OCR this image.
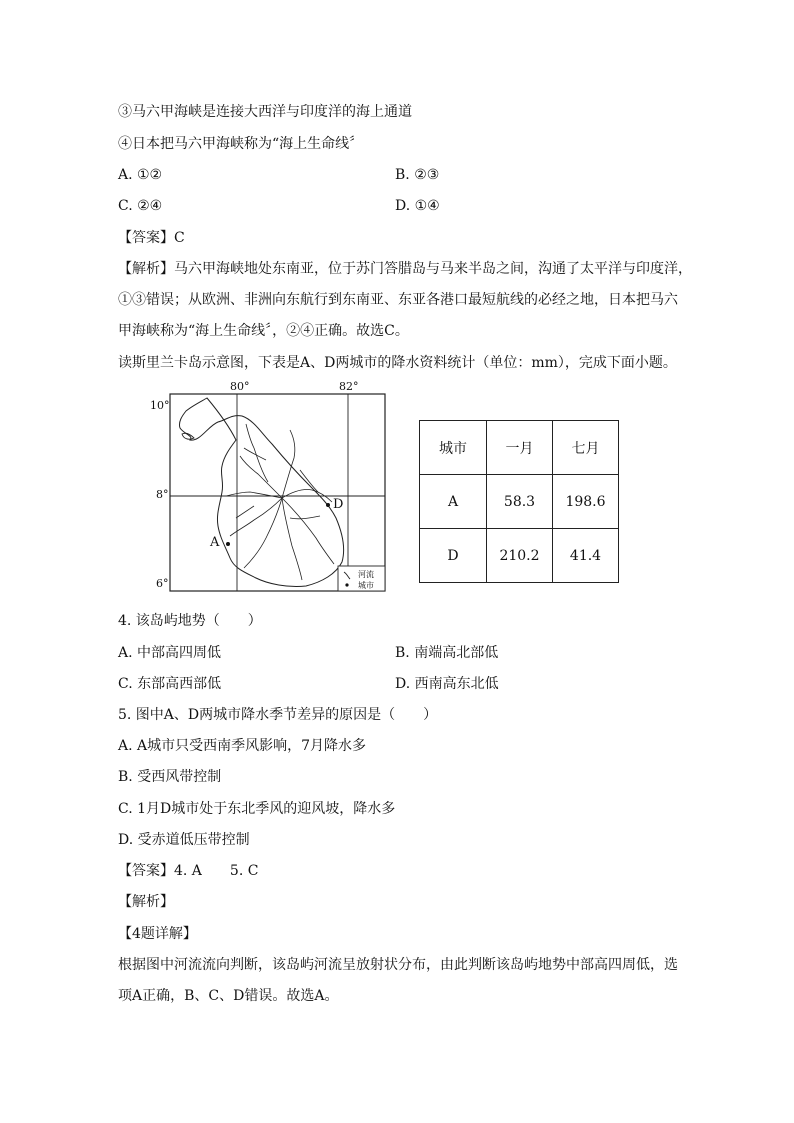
③马六甲海峡是连接大西洋与印度洋的海上通道
④日本把马六甲海峡称为“海上生命线〞
A. ①②	B. ②③
C. ②④	D. ①④
【答案】C
【解析】马六甲海峡地处东南亚，位于苏门答腊岛与马来半岛之间，沟通了太平洋与印度洋，
①③错误；从欧洲、非洲向东航行到东南亚、东亚各港口最短航线的必经之地，日本把马六
甲海峡称为“海上生命线〞，②④正确。故选C。
读斯里兰卡岛示意图，下表是A、D两城市的降水资料统计（单位：mm），完成下面小题。
80°	82°
10°
8°
6°
A
D
河流
城市
城市	一月	七月
A	58.3	198.6
D	210.2	41.4
4. 该岛屿地势（　　）
A. 中部高四周低	B. 南端高北部低
C. 东部高西部低	D. 西南高东北低
5. 图中A、D两城市降水季节差异的原因是（　　）
A. A城市只受西南季风影响，7月降水多
B. 受西风带控制
C. 1月D城市处于东北季风的迎风坡，降水多
D. 受赤道低压带控制
【答案】4. A　　5. C
【解析】
【4题详解】
根据图中河流流向判断，该岛屿河流呈放射状分布，由此判断该岛屿地势中部高四周低，选
项A正确，B、C、D错误。故选A。
